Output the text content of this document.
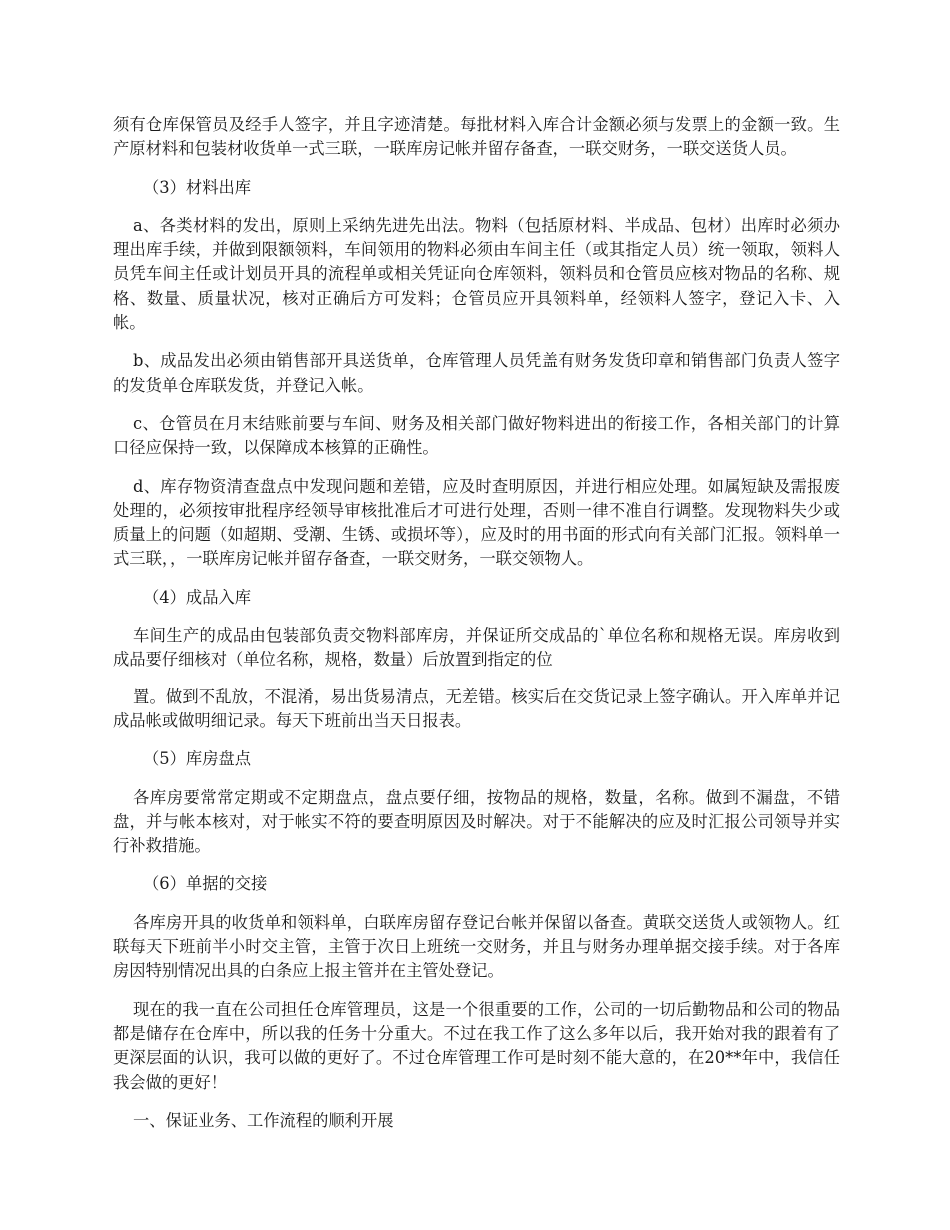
须有仓库保管员及经手人签字，并且字迹清楚。每批材料入库合计金额必须与发票上的金额一致。生产原材料和包装材收货单一式三联，一联库房记帐并留存备查，一联交财务，一联交送货人员。

（3）材料出库

a、各类材料的发出，原则上采纳先进先出法。物料（包括原材料、半成品、包材）出库时必须办理出库手续，并做到限额领料，车间领用的物料必须由车间主任（或其指定人员）统一领取，领料人员凭车间主任或计划员开具的流程单或相关凭证向仓库领料，领料员和仓管员应核对物品的名称、规格、数量、质量状况，核对正确后方可发料；仓管员应开具领料单，经领料人签字，登记入卡、入帐。

b、成品发出必须由销售部开具送货单，仓库管理人员凭盖有财务发货印章和销售部门负责人签字的发货单仓库联发货，并登记入帐。

c、仓管员在月末结账前要与车间、财务及相关部门做好物料进出的衔接工作，各相关部门的计算口径应保持一致，以保障成本核算的正确性。

d、库存物资清查盘点中发现问题和差错，应及时查明原因，并进行相应处理。如属短缺及需报废处理的，必须按审批程序经领导审核批准后才可进行处理，否则一律不准自行调整。发现物料失少或质量上的问题（如超期、受潮、生锈、或损坏等），应及时的用书面的形式向有关部门汇报。领料单一式三联，，一联库房记帐并留存备查，一联交财务，一联交领物人。

（4）成品入库

车间生产的成品由包装部负责交物料部库房，并保证所交成品的`单位名称和规格无误。库房收到成品要仔细核对（单位名称，规格，数量）后放置到指定的位

置。做到不乱放，不混淆，易出货易清点，无差错。核实后在交货记录上签字确认。开入库单并记成品帐或做明细记录。每天下班前出当天日报表。

（5）库房盘点

各库房要常常定期或不定期盘点，盘点要仔细，按物品的规格，数量，名称。做到不漏盘，不错盘，并与帐本核对，对于帐实不符的要查明原因及时解决。对于不能解决的应及时汇报公司领导并实行补救措施。

（6）单据的交接

各库房开具的收货单和领料单，白联库房留存登记台帐并保留以备查。黄联交送货人或领物人。红联每天下班前半小时交主管，主管于次日上班统一交财务，并且与财务办理单据交接手续。对于各库房因特别情况出具的白条应上报主管并在主管处登记。

现在的我一直在公司担任仓库管理员，这是一个很重要的工作，公司的一切后勤物品和公司的物品都是储存在仓库中，所以我的任务十分重大。不过在我工作了这么多年以后，我开始对我的跟着有了更深层面的认识，我可以做的更好了。不过仓库管理工作可是时刻不能大意的，在20**年中，我信任我会做的更好！

一、保证业务、工作流程的顺利开展
